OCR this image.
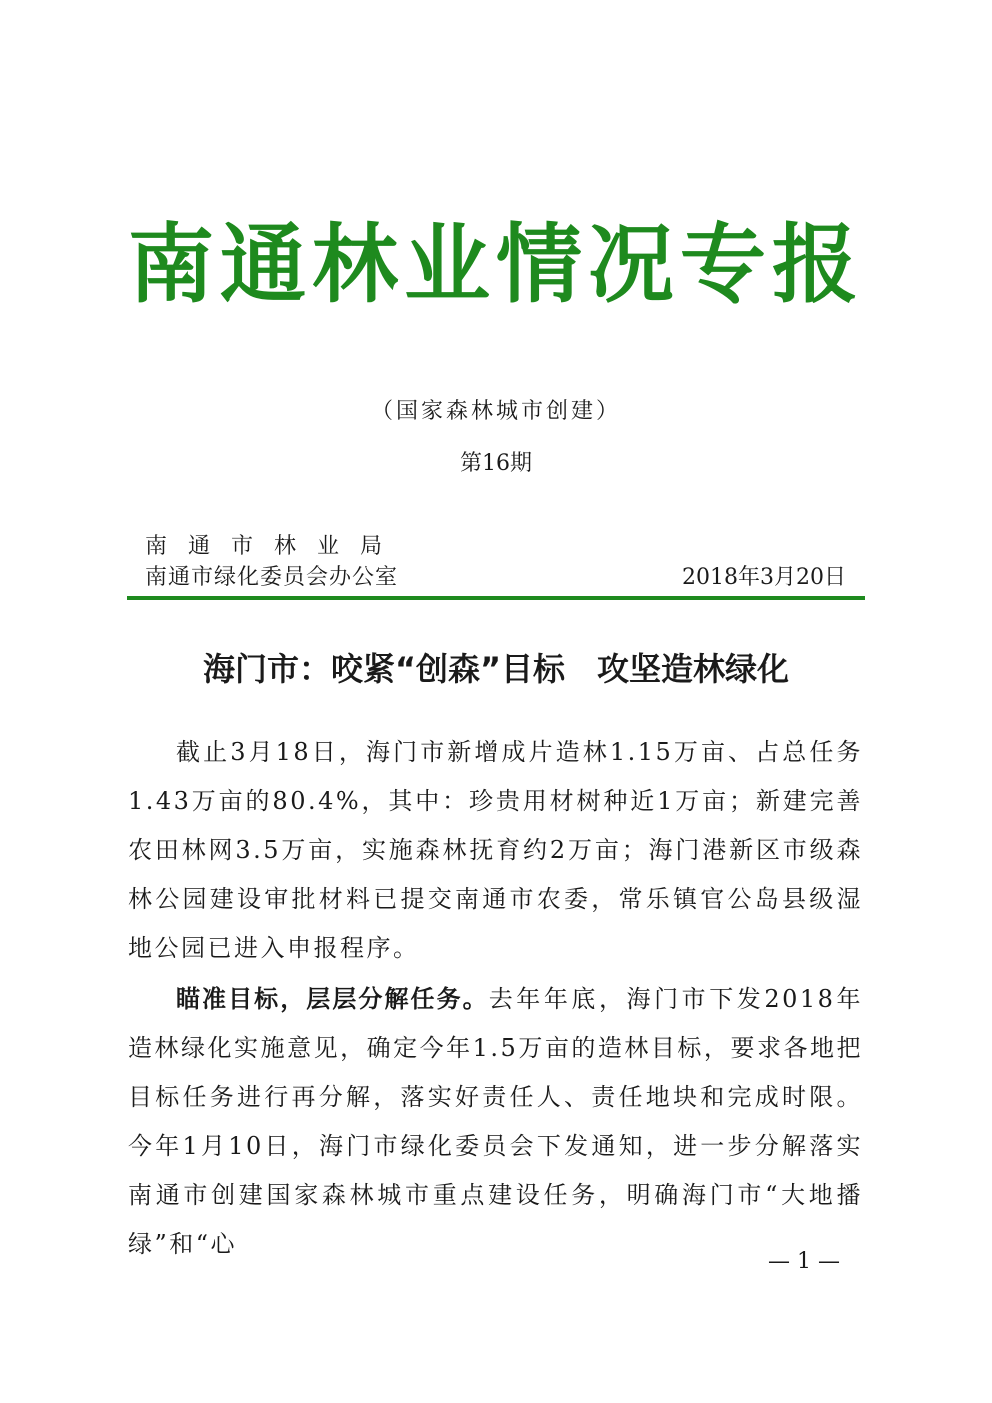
南通林业情况专报
（国家森林城市创建）
第16期
南通市林业局
南通市绿化委员会办公室	2018年3月20日
海门市：咬紧“创森”目标　攻坚造林绿化

截止3月18日，海门市新增成片造林1.15万亩、占总任务1.43万亩的80.4%，其中：珍贵用材树种近1万亩；新建完善农田林网3.5万亩，实施森林抚育约2万亩；海门港新区市级森林公园建设审批材料已提交南通市农委，常乐镇官公岛县级湿地公园已进入申报程序。

瞄准目标，层层分解任务。去年年底，海门市下发2018年造林绿化实施意见，确定今年1.5万亩的造林目标，要求各地把目标任务进行再分解，落实好责任人、责任地块和完成时限。今年1月10日，海门市绿化委员会下发通知，进一步分解落实南通市创建国家森林城市重点建设任务，明确海门市“大地播绿”和“心

— 1 —
